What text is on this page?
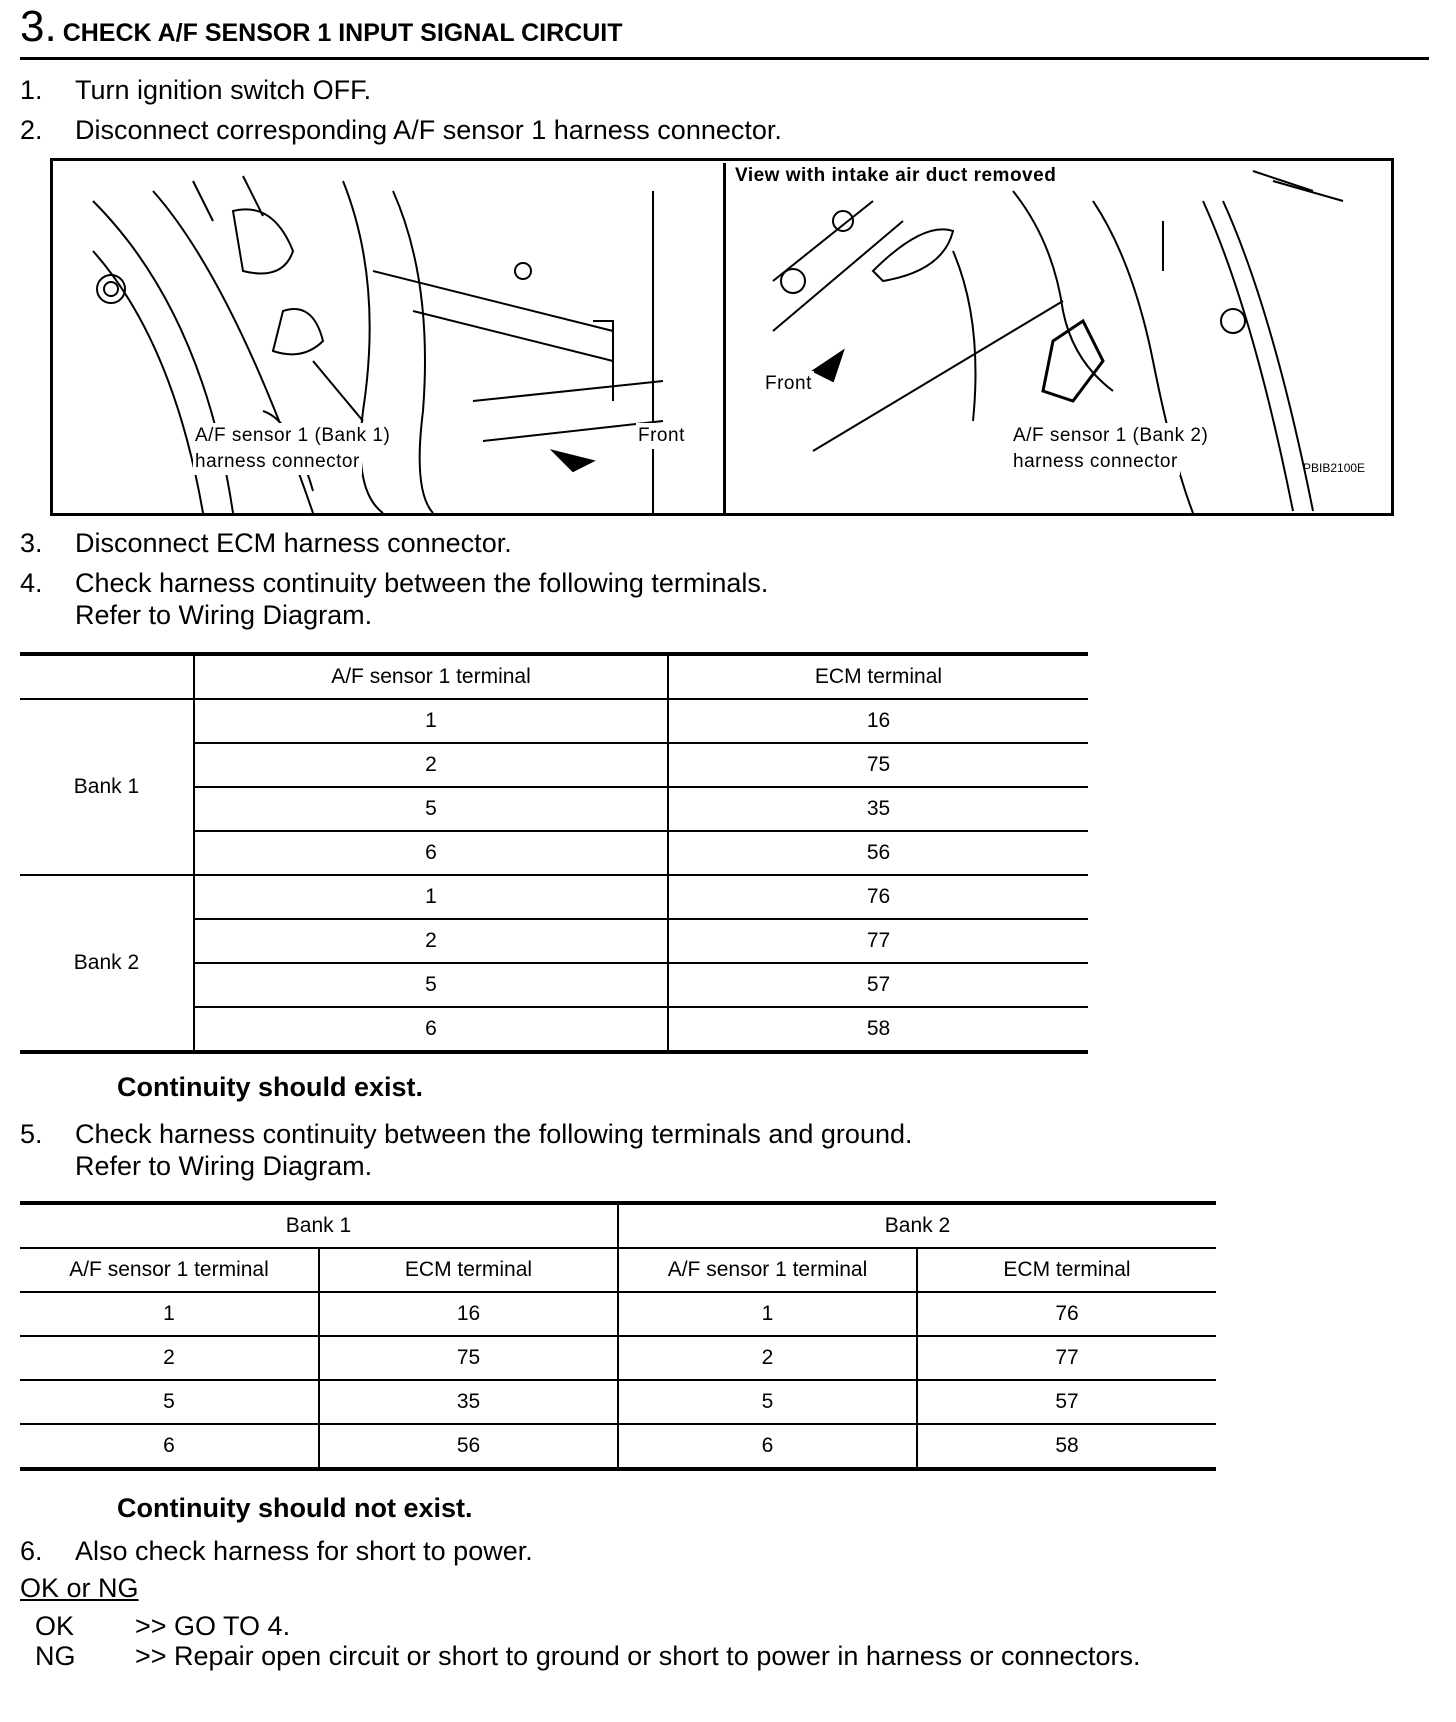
3. CHECK A/F SENSOR 1 INPUT SIGNAL CIRCUIT
1. Turn ignition switch OFF.
2. Disconnect corresponding A/F sensor 1 harness connector.
A/F sensor 1 (Bank 1)
harness connector
Front
View with intake air duct removed
Front
A/F sensor 1 (Bank 2)
harness connector	PBIB2100E
3. Disconnect ECM harness connector.
4. Check harness continuity between the following terminals.
Refer to Wiring Diagram.
	A/F sensor 1 terminal	ECM terminal
Bank 1	1	16
	2	75
	5	35
	6	56
Bank 2	1	76
	2	77
	5	57
	6	58
Continuity should exist.
5. Check harness continuity between the following terminals and ground.
Refer to Wiring Diagram.
Bank 1		Bank 2	
A/F sensor 1 terminal	ECM terminal	A/F sensor 1 terminal	ECM terminal
1	16	1	76
2	75	2	77
5	35	5	57
6	56	6	58
Continuity should not exist.
6. Also check harness for short to power.
OK or NG
OK >> GO TO 4.
NG >> Repair open circuit or short to ground or short to power in harness or connectors.
